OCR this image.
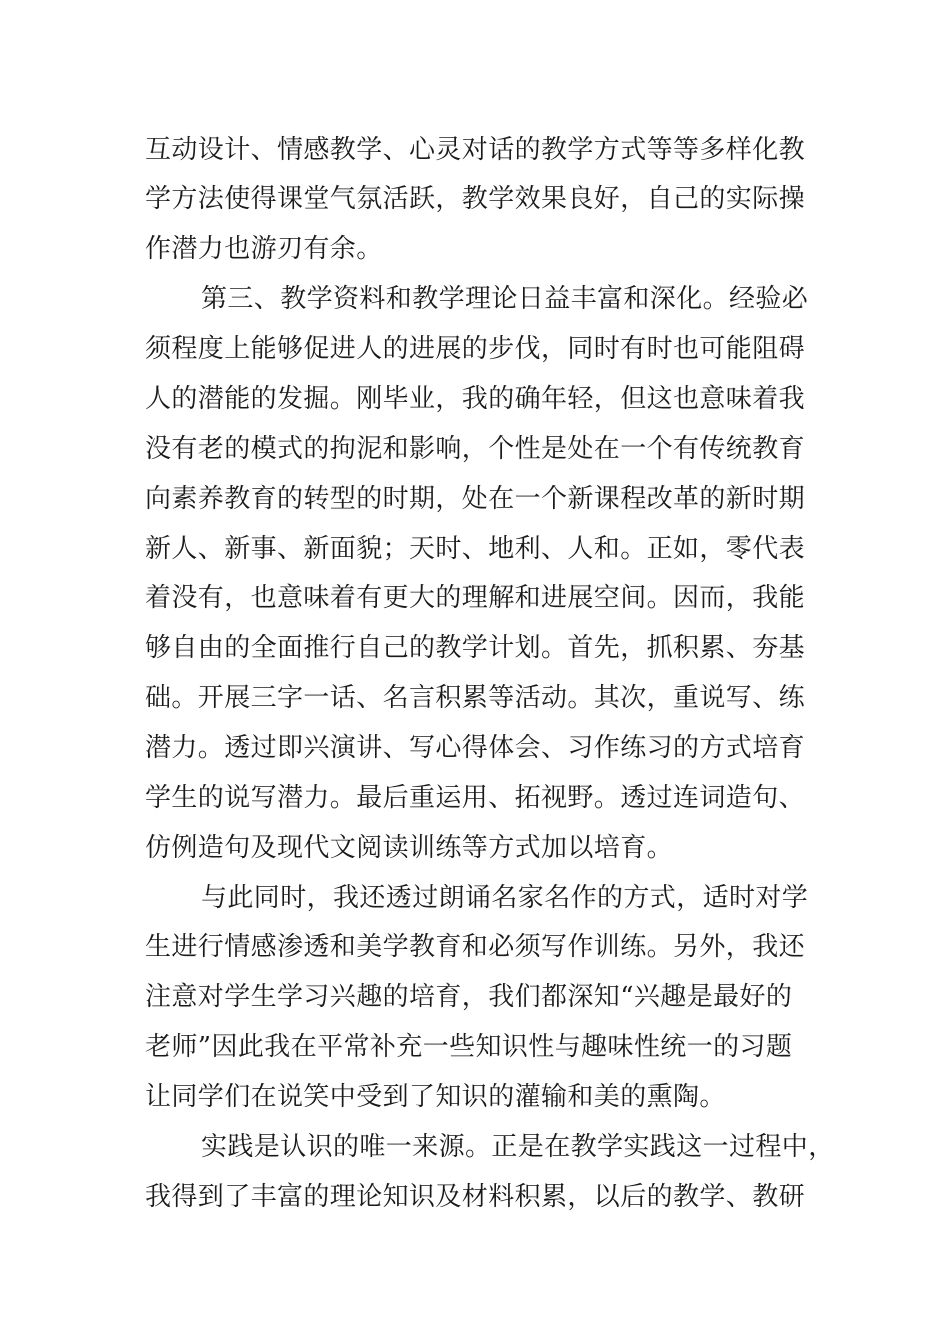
互动设计、情感教学、心灵对话的教学方式等等多样化教
学方法使得课堂气氛活跃，教学效果良好，自己的实际操
作潜力也游刃有余。
第三、教学资料和教学理论日益丰富和深化。经验必
须程度上能够促进人的进展的步伐，同时有时也可能阻碍
人的潜能的发掘。刚毕业，我的确年轻，但这也意味着我
没有老的模式的拘泥和影响，个性是处在一个有传统教育
向素养教育的转型的时期，处在一个新课程改革的新时期
新人、新事、新面貌；天时、地利、人和。正如，零代表
着没有，也意味着有更大的理解和进展空间。因而，我能
够自由的全面推行自己的教学计划。首先，抓积累、夯基
础。开展三字一话、名言积累等活动。其次，重说写、练
潜力。透过即兴演讲、写心得体会、习作练习的方式培育
学生的说写潜力。最后重运用、拓视野。透过连词造句、
仿例造句及现代文阅读训练等方式加以培育。
与此同时，我还透过朗诵名家名作的方式，适时对学
生进行情感渗透和美学教育和必须写作训练。另外，我还
注意对学生学习兴趣的培育，我们都深知“兴趣是最好的
老师”因此我在平常补充一些知识性与趣味性统一的习题
让同学们在说笑中受到了知识的灌输和美的熏陶。
实践是认识的唯一来源。正是在教学实践这一过程中，
我得到了丰富的理论知识及材料积累，以后的教学、教研
